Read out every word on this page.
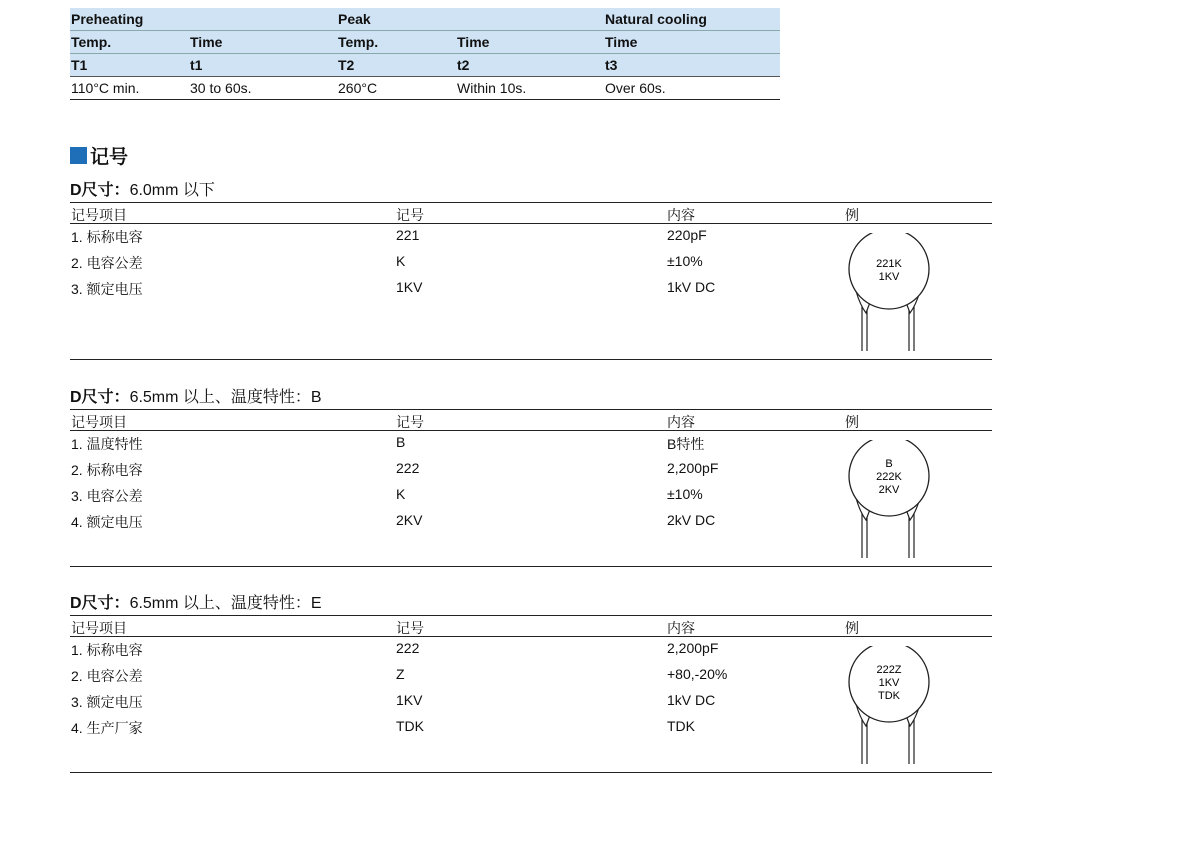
Preheating		Peak		Natural cooling
Temp.	Time	Temp.	Time	Time
T1	t1	T2	t2	t3
110°C min.	30 to 60s.	260°C	Within 10s.	Over 60s.
记号
D尺寸：6.0mm 以下
记号项目	记号	内容	例
1. 标称电容	221	220pF
2. 电容公差	K	±10%
3. 额定电压	1KV	1kV DC
221K
1KV
D尺寸：6.5mm 以上、温度特性：B
记号项目	记号	内容	例
1. 温度特性	B	B特性
2. 标称电容	222	2,200pF
3. 电容公差	K	±10%
4. 额定电压	2KV	2kV DC
B
222K
2KV
D尺寸：6.5mm 以上、温度特性：E
记号项目	记号	内容	例
1. 标称电容	222	2,200pF
2. 电容公差	Z	+80,-20%
3. 额定电压	1KV	1kV DC
4. 生产厂家	TDK	TDK
222Z
1KV
TDK
